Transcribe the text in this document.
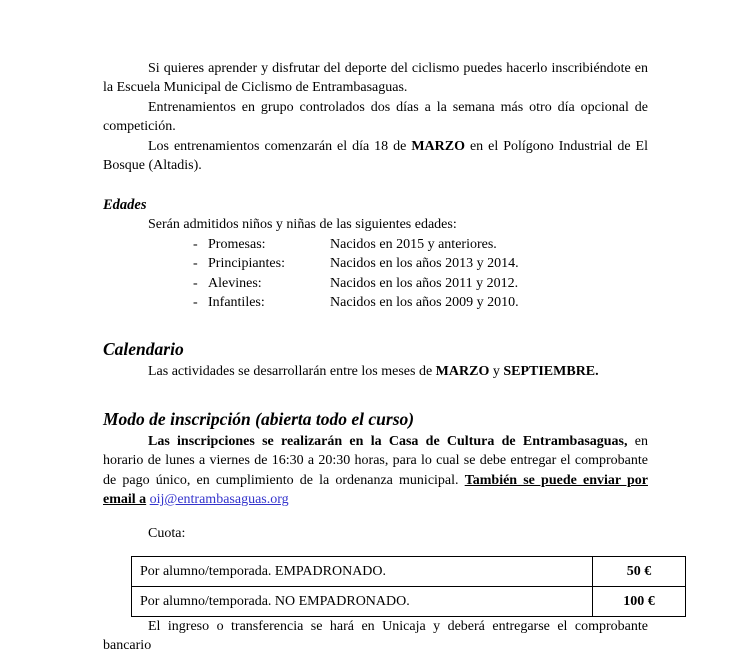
Si quieres aprender y disfrutar del deporte del ciclismo puedes hacerlo inscribiéndote en la Escuela Municipal de Ciclismo de Entrambasaguas.

Entrenamientos en grupo controlados dos días a la semana más otro día opcional de competición.

Los entrenamientos comenzarán el día 18 de MARZO en el Polígono Industrial de El Bosque (Altadis).

Edades

Serán admitidos niños y niñas de las siguientes edades:

- Promesas:	Nacidos en 2015 y anteriores.
- Principiantes:	Nacidos en los años 2013 y 2014.
- Alevines:	Nacidos en los años 2011 y 2012.
- Infantiles:	Nacidos en los años 2009 y 2010.
Calendario

Las actividades se desarrollarán entre los meses de MARZO y SEPTIEMBRE.

Modo de inscripción (abierta todo el curso)

Las inscripciones se realizarán en la Casa de Cultura de Entrambasaguas, en horario de lunes a viernes de 16:30 a 20:30 horas, para lo cual se debe entregar el comprobante de pago único, en cumplimiento de la ordenanza municipal. También se puede enviar por email a oij@entrambasaguas.org

Cuota:

Por alumno/temporada. EMPADRONADO.	50 €
Por alumno/temporada. NO EMPADRONADO.	100 €

El ingreso o transferencia se hará en Unicaja y deberá entregarse el comprobante bancario
